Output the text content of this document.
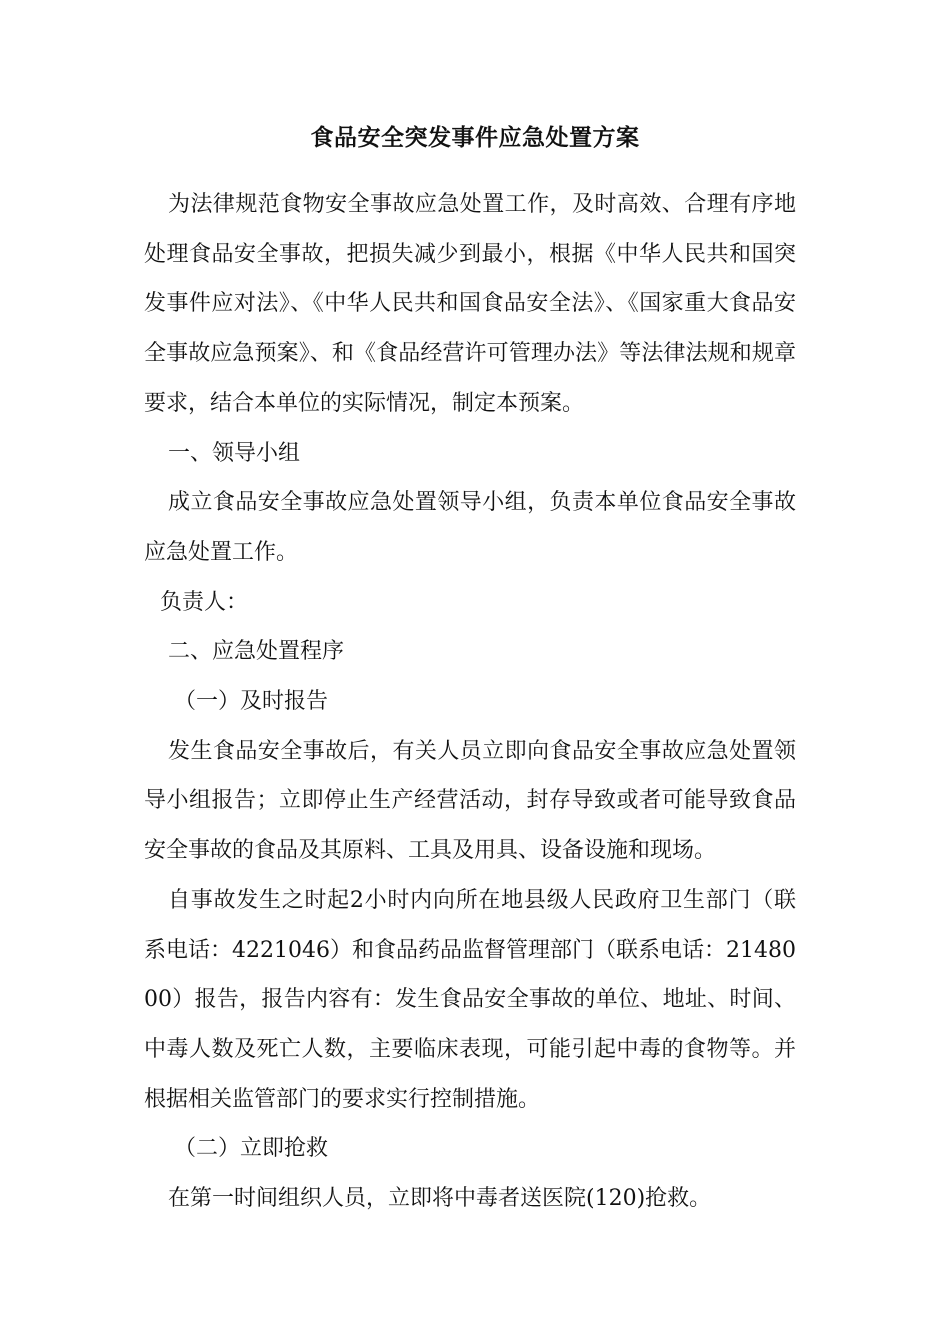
食品安全突发事件应急处置方案

为法律规范食物安全事故应急处置工作，及时高效、合理有序地处理食品安全事故，把损失减少到最小，根据《中华人民共和国突发事件应对法》、《中华人民共和国食品安全法》、《国家重大食品安全事故应急预案》、和《食品经营许可管理办法》等法律法规和规章要求，结合本单位的实际情况，制定本预案。

一、领导小组

成立食品安全事故应急处置领导小组，负责本单位食品安全事故应急处置工作。

负责人：

二、应急处置程序

（一）及时报告

发生食品安全事故后，有关人员立即向食品安全事故应急处置领导小组报告；立即停止生产经营活动，封存导致或者可能导致食品安全事故的食品及其原料、工具及用具、设备设施和现场。

自事故发生之时起2小时内向所在地县级人民政府卫生部门（联系电话：4221046）和食品药品监督管理部门（联系电话：2148000）报告，报告内容有：发生食品安全事故的单位、地址、时间、中毒人数及死亡人数，主要临床表现，可能引起中毒的食物等。并根据相关监管部门的要求实行控制措施。

（二）立即抢救

在第一时间组织人员，立即将中毒者送医院(120)抢救。
